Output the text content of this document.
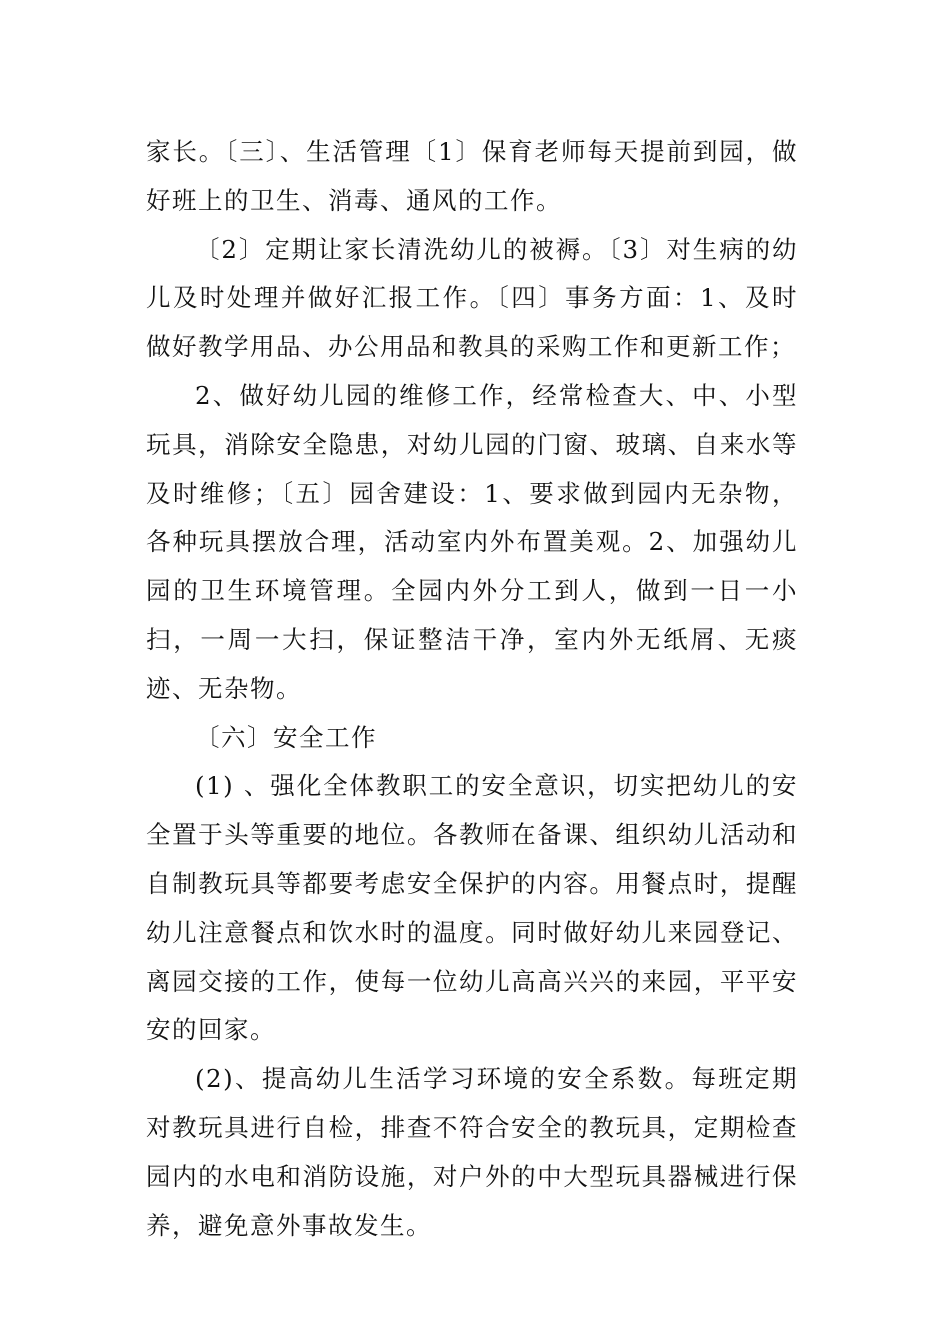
家长。〔三〕、生活管理〔1〕保育老师每天提前到园，做好班上的卫生、消毒、通风的工作。

〔2〕定期让家长清洗幼儿的被褥。〔3〕对生病的幼儿及时处理并做好汇报工作。〔四〕事务方面：1、及时做好教学用品、办公用品和教具的采购工作和更新工作；

2、做好幼儿园的维修工作，经常检查大、中、小型玩具，消除安全隐患，对幼儿园的门窗、玻璃、自来水等及时维修；〔五〕园舍建设：1、要求做到园内无杂物，各种玩具摆放合理，活动室内外布置美观。2、加强幼儿园的卫生环境管理。全园内外分工到人，做到一日一小扫，一周一大扫，保证整洁干净，室内外无纸屑、无痰迹、无杂物。

〔六〕安全工作

(1) 、强化全体教职工的安全意识，切实把幼儿的安全置于头等重要的地位。各教师在备课、组织幼儿活动和自制教玩具等都要考虑安全保护的内容。用餐点时，提醒幼儿注意餐点和饮水时的温度。同时做好幼儿来园登记、离园交接的工作，使每一位幼儿高高兴兴的来园，平平安安的回家。

(2)、提高幼儿生活学习环境的安全系数。每班定期对教玩具进行自检，排查不符合安全的教玩具，定期检查园内的水电和消防设施，对户外的中大型玩具器械进行保养，避免意外事故发生。
